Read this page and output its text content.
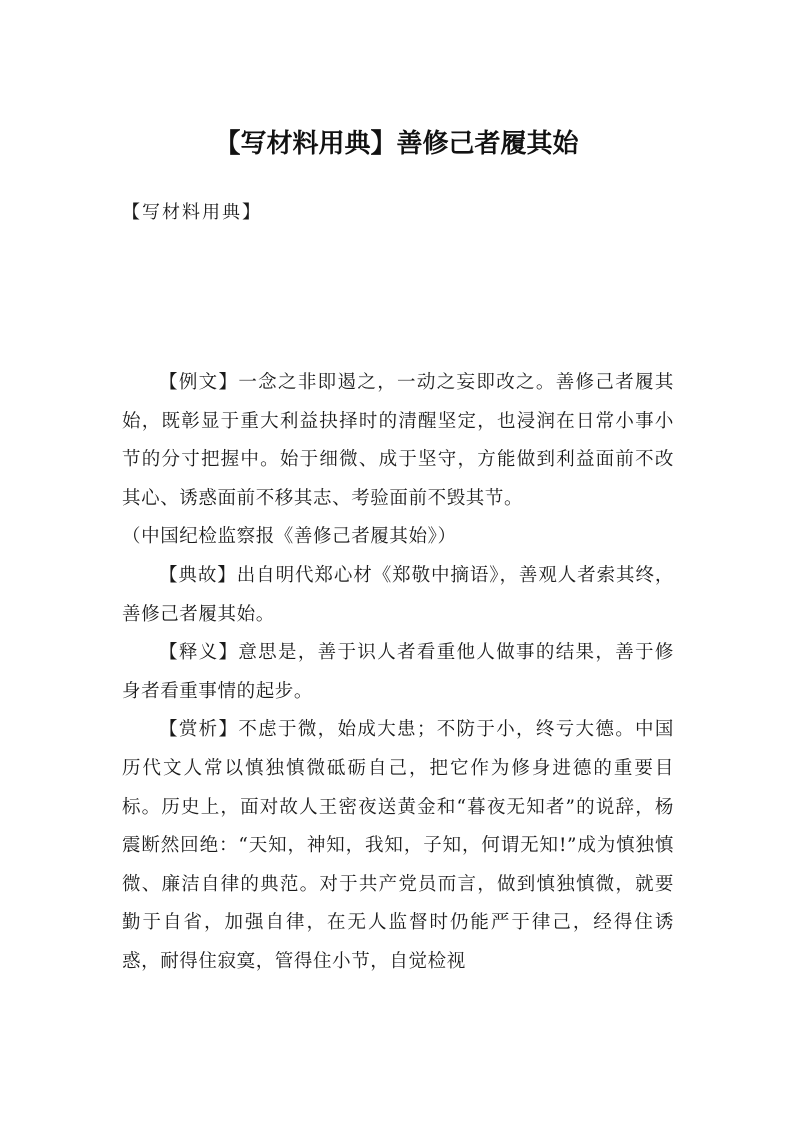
【写材料用典】善修己者履其始
【写材料用典】

【例文】一念之非即遏之，一动之妄即改之。善修己者履其始，既彰显于重大利益抉择时的清醒坚定，也浸润在日常小事小节的分寸把握中。始于细微、成于坚守，方能做到利益面前不改其心、诱惑面前不移其志、考验面前不毁其节。

（中国纪检监察报《善修己者履其始》）

【典故】出自明代郑心材《郑敬中摘语》，善观人者索其终，善修己者履其始。

【释义】意思是，善于识人者看重他人做事的结果，善于修身者看重事情的起步。

【赏析】不虑于微，始成大患；不防于小，终亏大德。中国历代文人常以慎独慎微砥砺自己，把它作为修身进德的重要目标。历史上，面对故人王密夜送黄金和“暮夜无知者”的说辞，杨震断然回绝：“天知，神知，我知，子知，何谓无知!”成为慎独慎微、廉洁自律的典范。对于共产党员而言，做到慎独慎微，就要勤于自省，加强自律，在无人监督时仍能严于律己，经得住诱惑，耐得住寂寞，管得住小节，自觉检视
